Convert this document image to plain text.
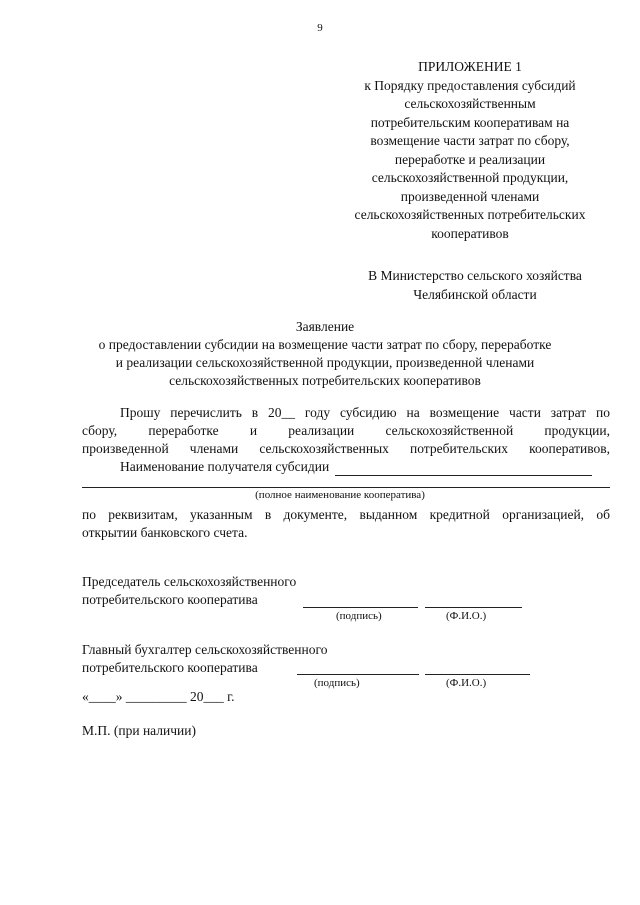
9
ПРИЛОЖЕНИЕ 1
к Порядку предоставления субсидий
сельскохозяйственным
потребительским кооперативам на
возмещение части затрат по сбору,
переработке и реализации
сельскохозяйственной продукции,
произведенной членами
сельскохозяйственных потребительских
кооперативов
В Министерство сельского хозяйства
Челябинской области
Заявление
о предоставлении субсидии на возмещение части затрат по сбору, переработке
и реализации сельскохозяйственной продукции, произведенной членами
сельскохозяйственных потребительских кооперативов
Прошу перечислить в 20__ году субсидию на возмещение части затрат по
сбору, переработке и реализации сельскохозяйственной продукции,
произведенной членами сельскохозяйственных потребительских кооперативов,
Наименование получателя субсидии
(полное наименование кооператива)
по реквизитам, указанным в документе, выданном кредитной организацией, об
открытии банковского счета.
Председатель сельскохозяйственного
потребительского кооператива
(подпись)	(Ф.И.О.)
Главный бухгалтер сельскохозяйственного
потребительского кооператива
(подпись)	(Ф.И.О.)
«____» _________ 20___ г.
М.П. (при наличии)
